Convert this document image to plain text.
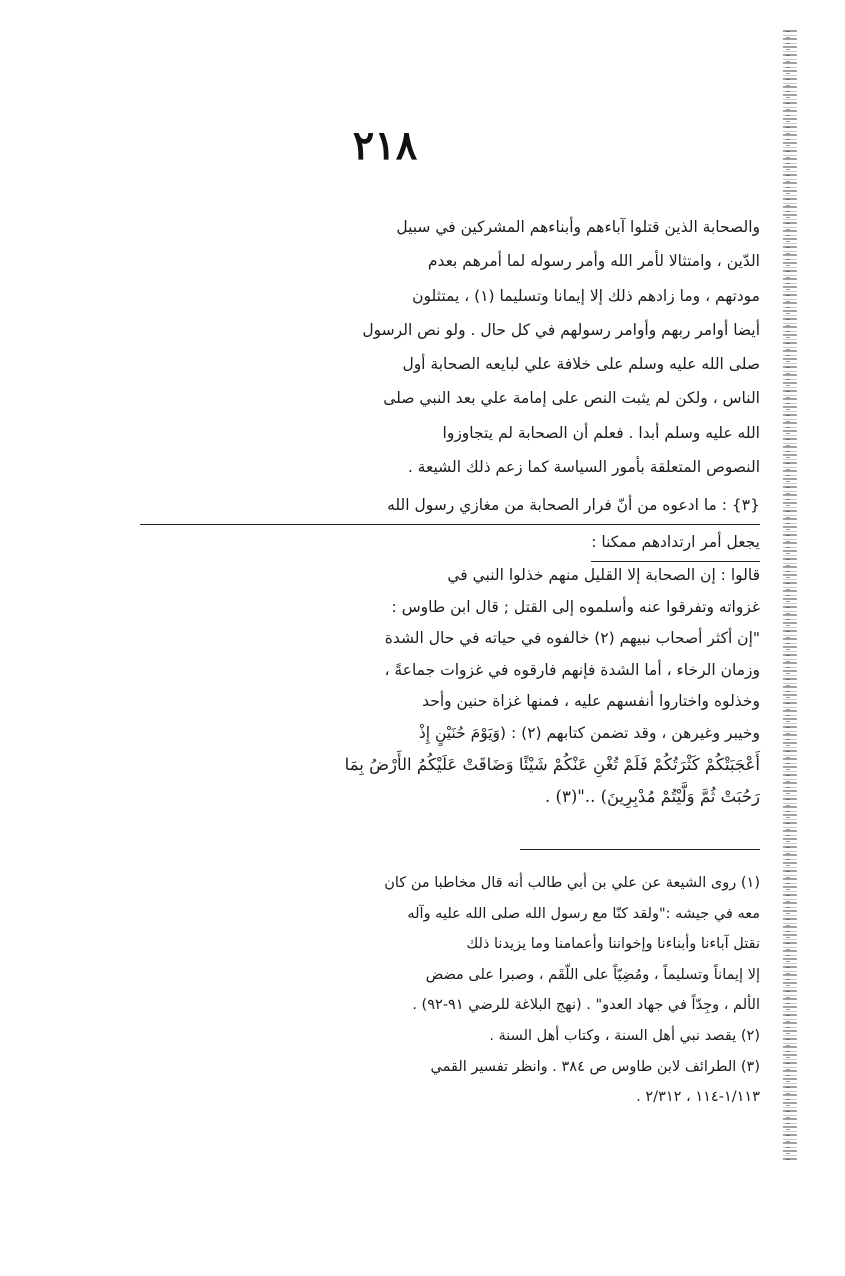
٢١٨
والصحابة الذين قتلوا آباءهم وأبناءهم المشركين في سبيل
الدّين ، وامتثالا لأمر الله وأمر رسوله لما أمرهم بعدم
مودتهم ، وما زادهم ذلك إلا إيمانا وتسليما (١) ، يمتثلون
أيضا أوامر ربهم وأوامر رسولهم في كل حال . ولو نص الرسول
صلى الله عليه وسلم على خلافة علي لبايعه الصحابة أول
الناس ، ولكن لم يثبت النص على إمامة علي بعد النبي صلى
الله عليه وسلم أبدا . فعلم أن الصحابة لم يتجاوزوا
النصوص المتعلقة بأمور السياسة كما زعم ذلك الشيعة .
{٣} : ما ادعوه من أنّ فرار الصحابة من مغازي رسول الله
يجعل أمر ارتدادهم ممكنا :
قالوا : إن الصحابة إلا القليل منهم خذلوا النبي في
غزواته وتفرقوا عنه وأسلموه إلى القتل ; قال ابن طاوس :
"إن أكثر أصحاب نبيهم (٢) خالفوه في حياته في حال الشدة
وزمان الرخاء ، أما الشدة فإنهم فارقوه في غزوات جماعةً ،
وخذلوه واختاروا أنفسهم عليه ، فمنها غزاة حنين وأحد
وخيبر وغيرهن ، وقد تضمن كتابهم (٢) : (وَيَوْمَ حُنَيْنٍ إِذْ
أَعْجَبَتْكُمْ كَثْرَتُكُمْ فَلَمْ تُغْنِ عَنْكُمْ شَيْئًا وَضَاقَتْ عَلَيْكُمُ الأَرْضُ بِمَا
رَحُبَتْ ثُمَّ وَلَّيْتُمْ مُدْبِرِينَ) .."(٣) .
(١) روى الشيعة عن علي بن أبي طالب أنه قال مخاطبا من كان
معه في جيشه :"ولقد كنّا مع رسول الله صلى الله عليه وآله
نقتل آباءنا وأبناءنا وإخواننا وأعمامنا وما يزيدنا ذلك
إلا إيماناً وتسليماً ، ومُضِيّاً على اللّقَم ، وصبرا على مضض
الألم ، وجِدّاً في جهاد العدو" . (نهج البلاغة للرضي ٩١-٩٢) .
(٢) يقصد نبي أهل السنة ، وكتاب أهل السنة .
(٣) الطرائف لابن طاوس ص ٣٨٤ . وانظر تفسير القمي
١/١١٣-١١٤ ، ٢/٣١٢ .
